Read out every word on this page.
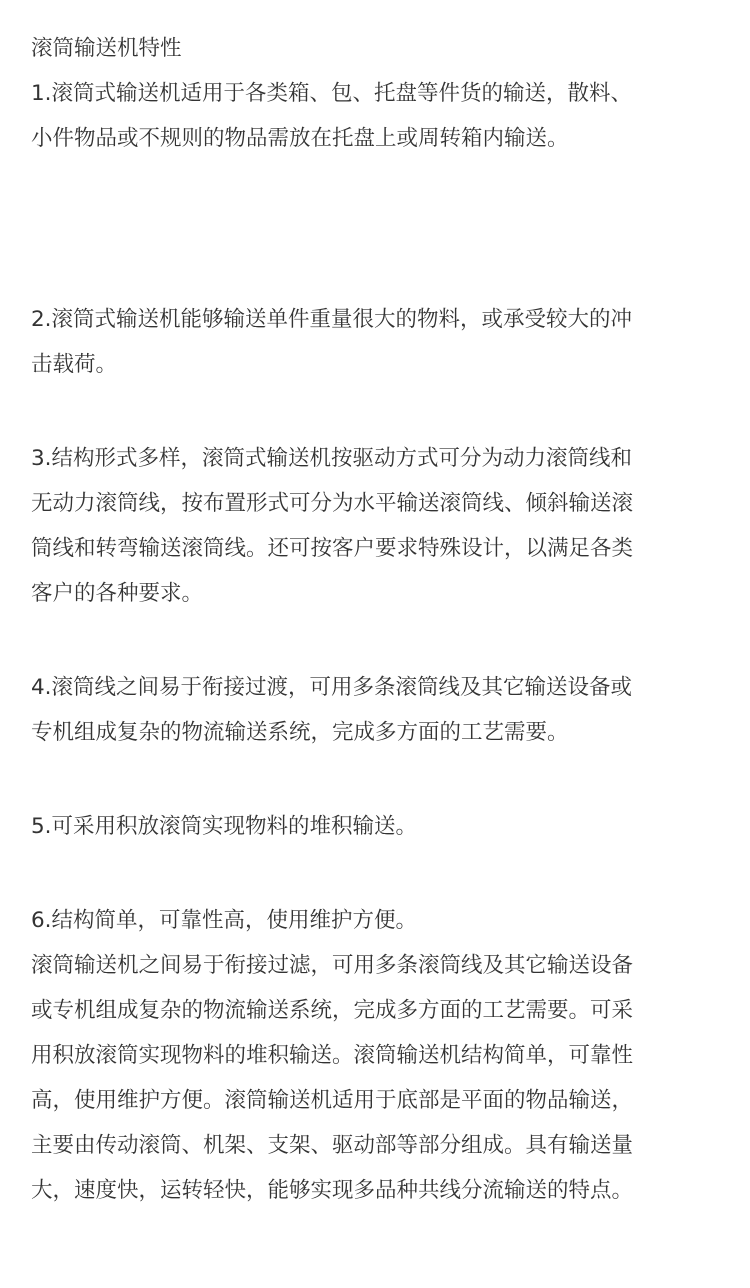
滚筒输送机特性
1.滚筒式输送机适用于各类箱、包、托盘等件货的输送，散料、
小件物品或不规则的物品需放在托盘上或周转箱内输送。
2.滚筒式输送机能够输送单件重量很大的物料，或承受较大的冲
击载荷。
3.结构形式多样，滚筒式输送机按驱动方式可分为动力滚筒线和
无动力滚筒线，按布置形式可分为水平输送滚筒线、倾斜输送滚
筒线和转弯输送滚筒线。还可按客户要求特殊设计，以满足各类
客户的各种要求。
4.滚筒线之间易于衔接过渡，可用多条滚筒线及其它输送设备或
专机组成复杂的物流输送系统，完成多方面的工艺需要。
5.可采用积放滚筒实现物料的堆积输送。
6.结构简单，可靠性高，使用维护方便。
滚筒输送机之间易于衔接过滤，可用多条滚筒线及其它输送设备
或专机组成复杂的物流输送系统，完成多方面的工艺需要。可采
用积放滚筒实现物料的堆积输送。滚筒输送机结构简单，可靠性
高，使用维护方便。滚筒输送机适用于底部是平面的物品输送，
主要由传动滚筒、机架、支架、驱动部等部分组成。具有输送量
大，速度快，运转轻快，能够实现多品种共线分流输送的特点。
